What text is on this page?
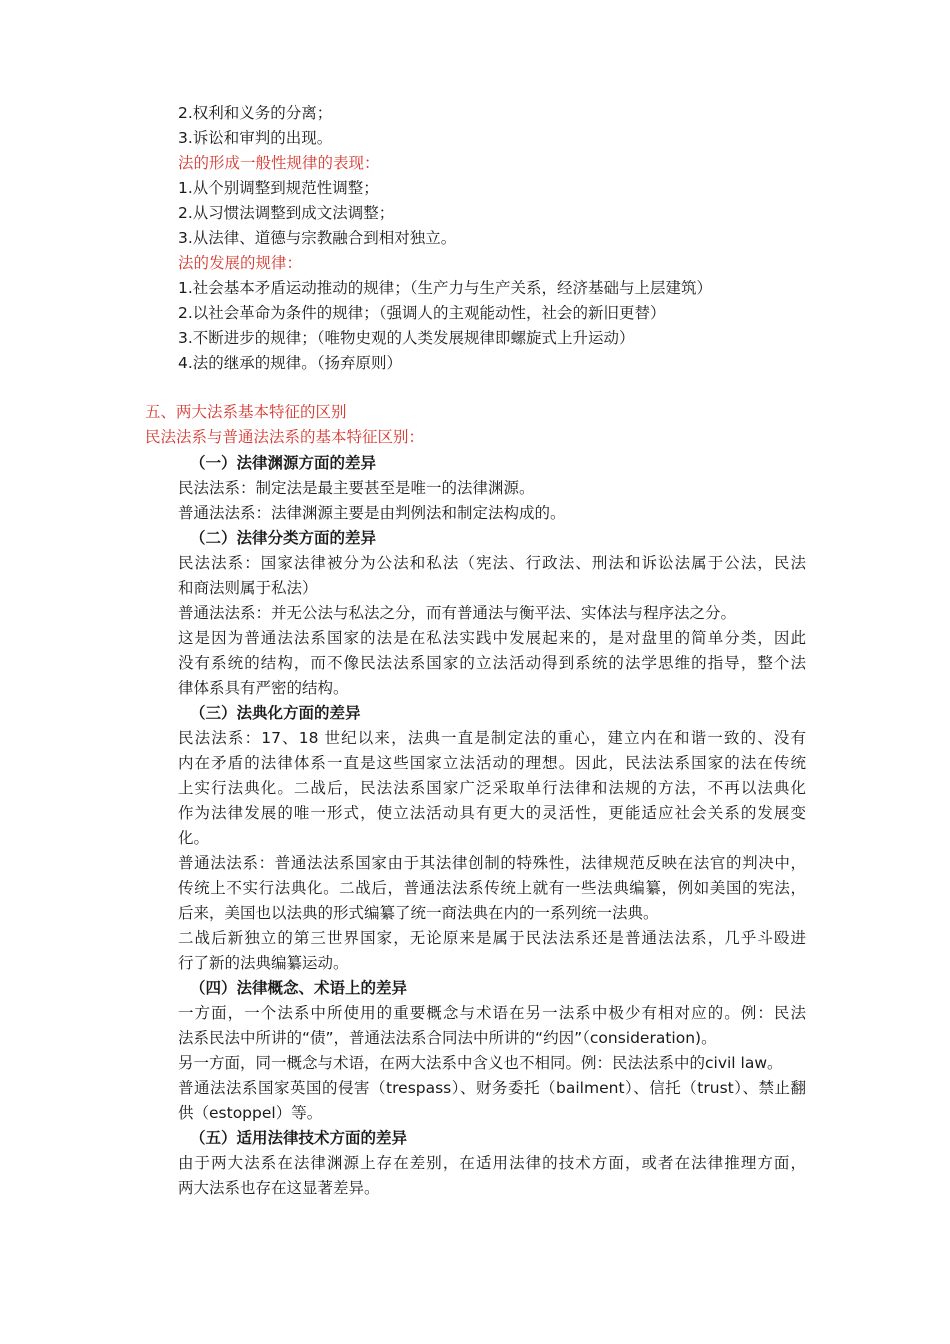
2.权利和义务的分离；
3.诉讼和审判的出现。
法的形成一般性规律的表现：
1.从个别调整到规范性调整；
2.从习惯法调整到成文法调整；
3.从法律、道德与宗教融合到相对独立。
法的发展的规律：
1.社会基本矛盾运动推动的规律；（生产力与生产关系，经济基础与上层建筑）
2.以社会革命为条件的规律；（强调人的主观能动性，社会的新旧更替）
3.不断进步的规律；（唯物史观的人类发展规律即螺旋式上升运动）
4.法的继承的规律。（扬弃原则）
五、两大法系基本特征的区别
民法法系与普通法法系的基本特征区别：
（一）法律渊源方面的差异
民法法系：制定法是最主要甚至是唯一的法律渊源。
普通法法系：法律渊源主要是由判例法和制定法构成的。
（二）法律分类方面的差异
民法法系：国家法律被分为公法和私法（宪法、行政法、刑法和诉讼法属于公法，民法
和商法则属于私法）
普通法法系：并无公法与私法之分，而有普通法与衡平法、实体法与程序法之分。
这是因为普通法法系国家的法是在私法实践中发展起来的，是对盘里的简单分类，因此
没有系统的结构，而不像民法法系国家的立法活动得到系统的法学思维的指导，整个法
律体系具有严密的结构。
（三）法典化方面的差异
民法法系：17、18 世纪以来，法典一直是制定法的重心，建立内在和谐一致的、没有
内在矛盾的法律体系一直是这些国家立法活动的理想。因此，民法法系国家的法在传统
上实行法典化。二战后，民法法系国家广泛采取单行法律和法规的方法，不再以法典化
作为法律发展的唯一形式，使立法活动具有更大的灵活性，更能适应社会关系的发展变
化。
普通法法系：普通法法系国家由于其法律创制的特殊性，法律规范反映在法官的判决中，
传统上不实行法典化。二战后，普通法法系传统上就有一些法典编纂，例如美国的宪法，
后来，美国也以法典的形式编纂了统一商法典在内的一系列统一法典。
二战后新独立的第三世界国家，无论原来是属于民法法系还是普通法法系，几乎斗殴进
行了新的法典编纂运动。
（四）法律概念、术语上的差异
一方面，一个法系中所使用的重要概念与术语在另一法系中极少有相对应的。例：民法
法系民法中所讲的“债”，普通法法系合同法中所讲的“约因”（consideration)。
另一方面，同一概念与术语，在两大法系中含义也不相同。例：民法法系中的civil law。
普通法法系国家英国的侵害（trespass）、财务委托（bailment）、信托（trust）、禁止翻
供（estoppel）等。
（五）适用法律技术方面的差异
由于两大法系在法律渊源上存在差别，在适用法律的技术方面，或者在法律推理方面，
两大法系也存在这显著差异。
